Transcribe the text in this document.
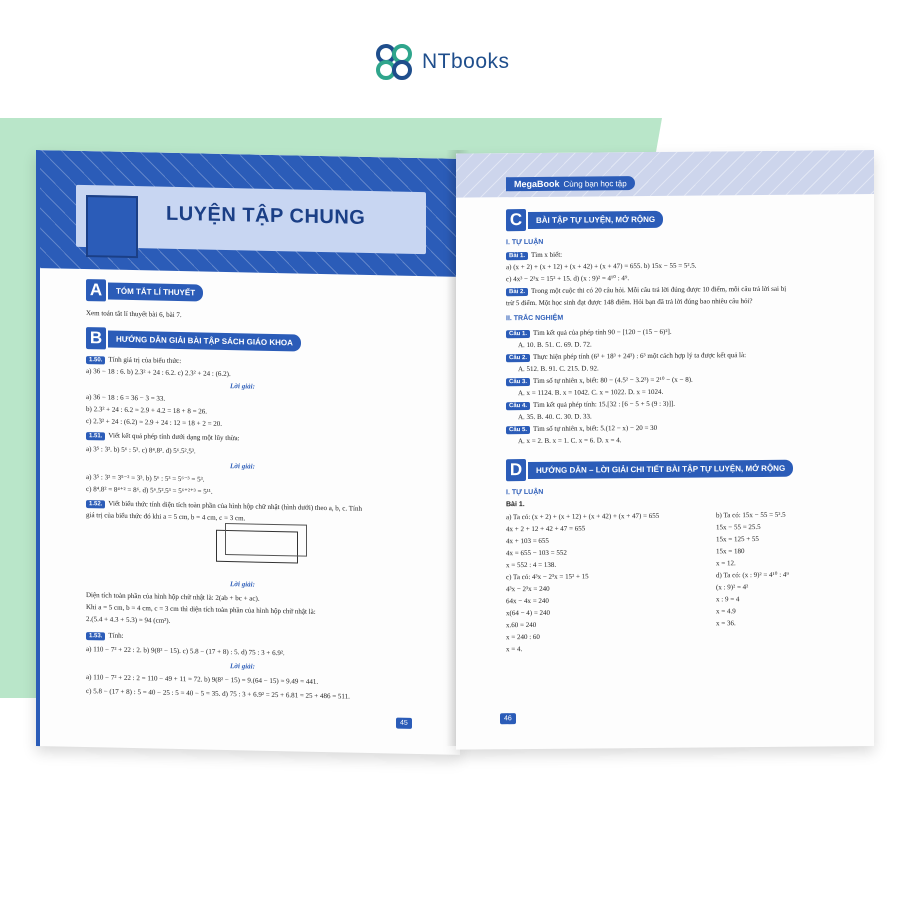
NTbooks
LUYỆN TẬP CHUNG
A	TÓM TẮT LÍ THUYẾT
Xem toán tắt lí thuyết bài 6, bài 7.
B	HƯỚNG DẪN GIẢI BÀI TẬP SÁCH GIÁO KHOA
1.50. Tính giá trị của biểu thức:
a) 36 − 18 : 6. b) 2.3² + 24 : 6.2. c) 2.3² + 24 : (6.2).
Lời giải:
a) 36 − 18 : 6 = 36 − 3 = 33.
b) 2.3² + 24 : 6.2 = 2.9 + 4.2 = 18 + 8 = 26.
c) 2.3² + 24 : (6.2) = 2.9 + 24 : 12 = 18 + 2 = 20.
1.51. Viết kết quả phép tính dưới dạng một lũy thừa:
a) 3⁵ : 3². b) 5⁶ : 5³. c) 8⁴.8². d) 5⁶.5².5³.
Lời giải:
a) 3⁵ : 3² = 3⁵⁻² = 3³. b) 5⁶ : 5³ = 5⁶⁻³ = 5³.
c) 8⁴.8² = 8⁴⁺² = 8⁶. d) 5⁶.5².5³ = 5⁶⁺²⁺³ = 5¹¹.
1.52. Viết biểu thức tính diện tích toàn phần của hình hộp chữ nhật (hình dưới) theo a, b, c. Tính
giá trị của biểu thức đó khi a = 5 cm, b = 4 cm, c = 3 cm.
Lời giải:
Diện tích toàn phần của hình hộp chữ nhật là: 2(ab + bc + ac).
Khi a = 5 cm, b = 4 cm, c = 3 cm thì diện tích toàn phần của hình hộp chữ nhật là:
2.(5.4 + 4.3 + 5.3) = 94 (cm²).
1.53. Tính:
a) 110 − 7² + 22 : 2. b) 9(8² − 15). c) 5.8 − (17 + 8) : 5. d) 75 : 3 + 6.9².
Lời giải:
a) 110 − 7² + 22 : 2 = 110 − 49 + 11 = 72. b) 9(8² − 15) = 9.(64 − 15) = 9.49 = 441.
c) 5.8 − (17 + 8) : 5 = 40 − 25 : 5 = 40 − 5 = 35. d) 75 : 3 + 6.9² = 25 + 6.81 = 25 + 486 = 511.
45
MegaBook Cùng bạn học tập
C	BÀI TẬP TỰ LUYỆN, MỞ RỘNG
I. TỰ LUẬN
Bài 1. Tìm x biết:
a) (x + 2) + (x + 12) + (x + 42) + (x + 47) = 655. b) 15x − 55 = 5².5.
c) 4x³ − 2³x = 15² + 15. d) (x : 9)² = 4¹⁰ : 4⁹.
Bài 2. Trong một cuộc thi có 20 câu hỏi. Mỗi câu trả lời đúng được 10 điểm, mỗi câu trả lời sai bị
trừ 5 điểm. Một học sinh đạt được 148 điểm. Hỏi bạn đã trả lời đúng bao nhiêu câu hỏi?
II. TRẮC NGHIỆM
Câu 1. Tìm kết quả của phép tính 90 − [120 − (15 − 6)²].
A. 10. B. 51. C. 69. D. 72.
Câu 2. Thực hiện phép tính (6³ + 18³ + 24³) : 6³ một cách hợp lý ta được kết quả là:
A. 512. B. 91. C. 215. D. 92.
Câu 3. Tìm số tự nhiên x, biết: 80 − (4.5² − 3.2³) = 2¹⁰ − (x − 8).
A. x = 1124. B. x = 1042. C. x = 1022. D. x = 1024.
Câu 4. Tìm kết quả phép tính: 15.[32 : [6 − 5 + 5 (9 : 3)]].
A. 35. B. 40. C. 30. D. 33.
Câu 5. Tìm số tự nhiên x, biết: 5.(12 − x) − 20 = 30
A. x = 2. B. x = 1. C. x = 6. D. x = 4.
D	HƯỚNG DẪN – LỜI GIẢI CHI TIẾT BÀI TẬP TỰ LUYỆN, MỞ RỘNG
I. TỰ LUẬN
Bài 1.
a) Ta có: (x + 2) + (x + 12) + (x + 42) + (x + 47) = 655
4x + 2 + 12 + 42 + 47 = 655
4x + 103 = 655
4x = 655 − 103 = 552
x = 552 : 4 = 138.
c) Ta có: 4³x − 2³x = 15² + 15
4³x − 2³x = 240
64x − 4x = 240
x(64 − 4) = 240
x.60 = 240
x = 240 : 60
x = 4.
b) Ta có: 15x − 55 = 5².5
15x − 55 = 25.5
15x = 125 + 55
15x = 180
x = 12.
d) Ta có: (x : 9)² = 4¹⁰ : 4⁹
(x : 9)² = 4²
x : 9 = 4
x = 4.9
x = 36.
46
